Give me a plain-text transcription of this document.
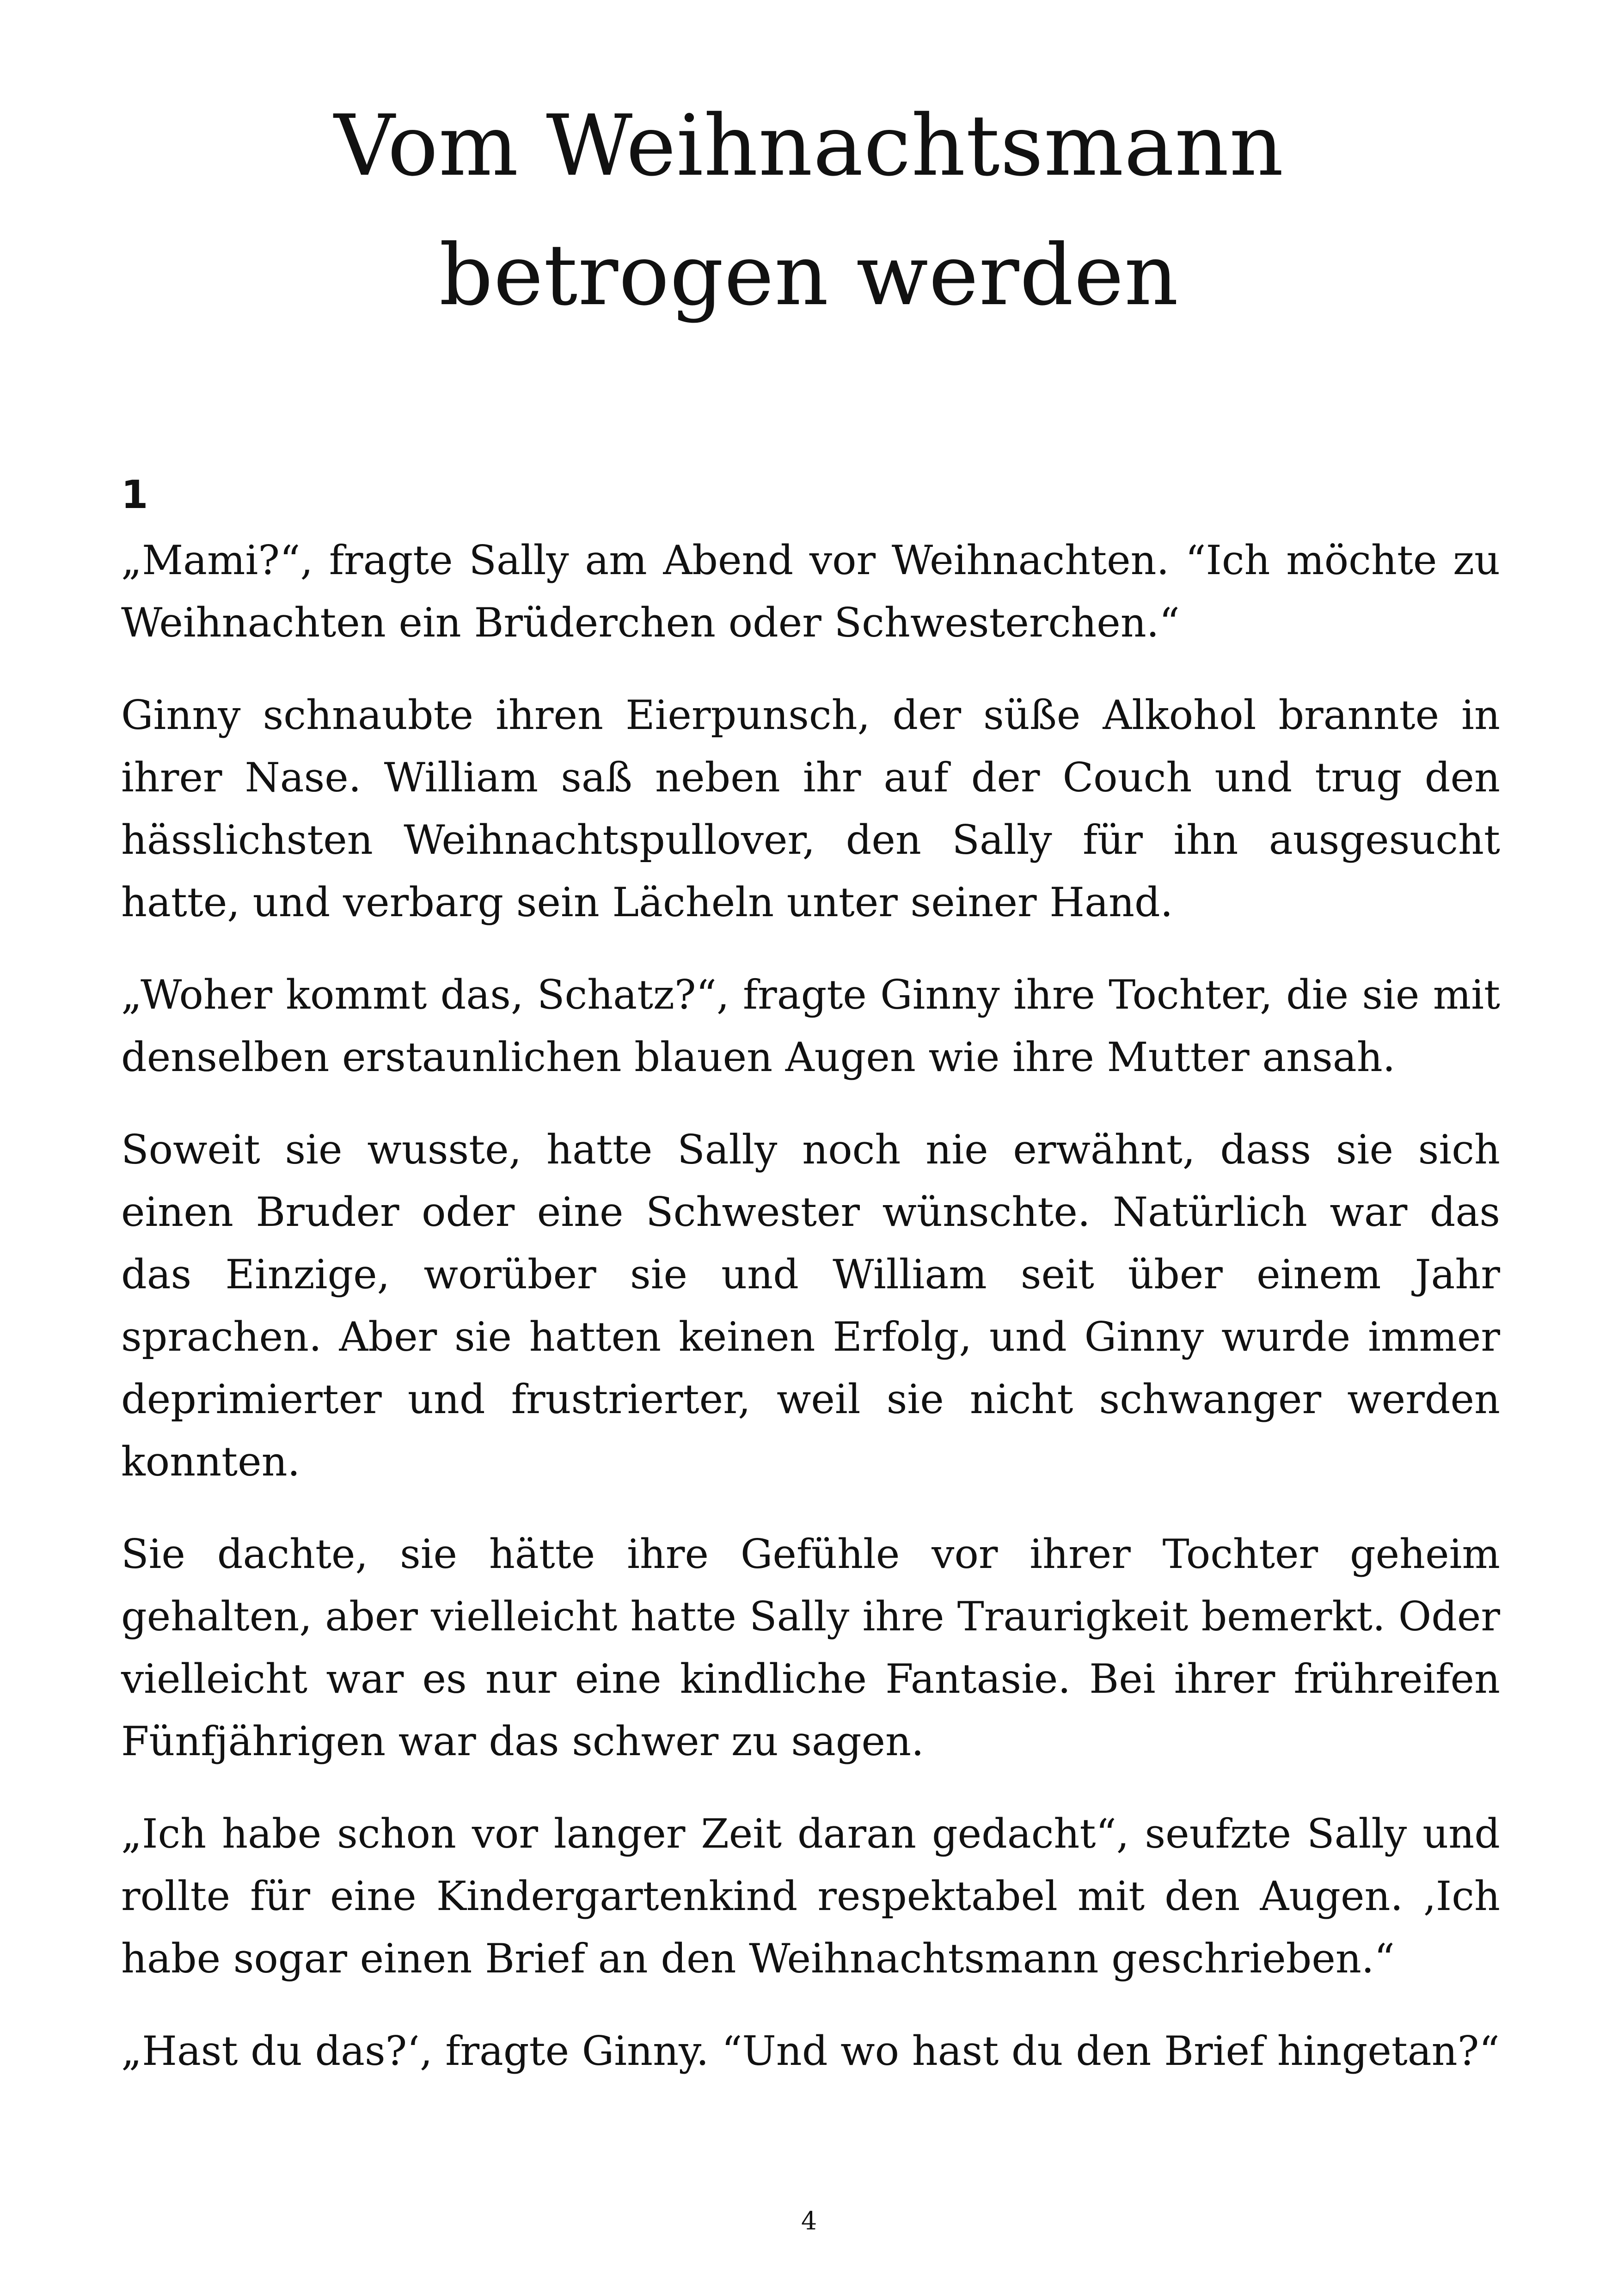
Vom Weihnachtsmann
betrogen werden
1

„Mami?“, fragte Sally am Abend vor Weihnachten. “Ich möchte zu Weihnachten ein Brüderchen oder Schwesterchen.“

Ginny schnaubte ihren Eierpunsch, der süße Alkohol brannte in ihrer Nase. William saß neben ihr auf der Couch und trug den hässlichsten Weihnachtspullover, den Sally für ihn ausgesucht hatte, und verbarg sein Lächeln unter seiner Hand.

„Woher kommt das, Schatz?“, fragte Ginny ihre Tochter, die sie mit denselben erstaunlichen blauen Augen wie ihre Mutter ansah.

Soweit sie wusste, hatte Sally noch nie erwähnt, dass sie sich einen Bruder oder eine Schwester wünschte. Natürlich war das das Einzige, worüber sie und William seit über einem Jahr sprachen. Aber sie hatten keinen Erfolg, und Ginny wurde immer deprimierter und frustrierter, weil sie nicht schwanger werden konnten.

Sie dachte, sie hätte ihre Gefühle vor ihrer Tochter geheim gehalten, aber vielleicht hatte Sally ihre Traurigkeit bemerkt. Oder vielleicht war es nur eine kindliche Fantasie. Bei ihrer frühreifen Fünfjährigen war das schwer zu sagen.

„Ich habe schon vor langer Zeit daran gedacht“, seufzte Sally und rollte für eine Kindergartenkind respektabel mit den Augen. ‚Ich habe sogar einen Brief an den Weihnachtsmann geschrieben.“

„Hast du das?‘, fragte Ginny. “Und wo hast du den Brief hingetan?“

4
